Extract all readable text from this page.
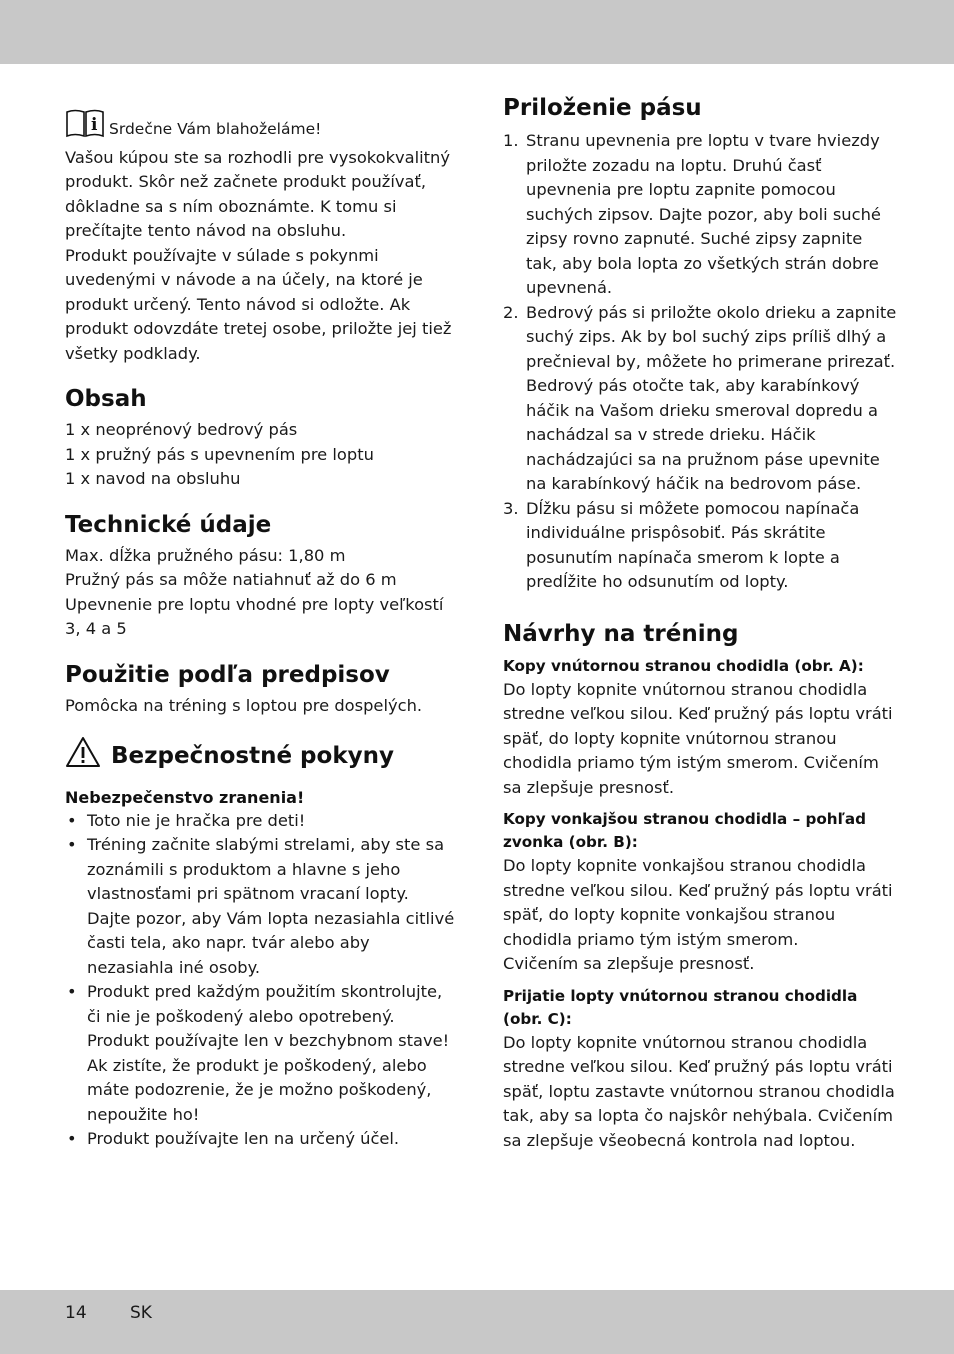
i Srdečne Vám blahoželáme!

Vašou kúpou ste sa rozhodli pre vysokokvalitný produkt. Skôr než začnete produkt používať, dôkladne sa s ním oboznámte. K tomu si prečítajte tento návod na obsluhu.

Produkt používajte v súlade s pokynmi uvedenými v návode a na účely, na ktoré je produkt určený. Tento návod si odložte. Ak produkt odovzdáte tretej osobe, priložte jej tiež všetky podklady.

Obsah

1 x neoprénový bedrový pás

1 x pružný pás s upevnením pre loptu

1 x navod na obsluhu

Technické údaje

Max. dĺžka pružného pásu: 1,80 m

Pružný pás sa môže natiahnuť až do 6 m

Upevnenie pre loptu vhodné pre lopty veľkostí 3, 4 a 5

Použitie podľa predpisov

Pomôcka na tréning s loptou pre dospelých.

Bezpečnostné pokyny
Nebezpečenstvo zranenia!
• Toto nie je hračka pre deti!
• Tréning začnite slabými strelami, aby ste sa zoznámili s produktom a hlavne s jeho vlastnosťami pri spätnom vracaní lopty. Dajte pozor, aby Vám lopta nezasiahla citlivé časti tela, ako napr. tvár alebo aby nezasiahla iné osoby.
• Produkt pred každým použitím skontrolujte, či nie je poškodený alebo opotrebený. Produkt používajte len v bezchybnom stave! Ak zistíte, že produkt je poškodený, alebo máte podozrenie, že je možno poškodený, nepoužite ho!
• Produkt používajte len na určený účel.
Priloženie pásu
1. Stranu upevnenia pre loptu v tvare hviezdy priložte zozadu na loptu. Druhú časť upevnenia pre loptu zapnite pomocou suchých zipsov. Dajte pozor, aby boli suché zipsy rovno zapnuté. Suché zipsy zapnite tak, aby bola lopta zo všetkých strán dobre upevnená.
2. Bedrový pás si priložte okolo drieku a zapnite suchý zips. Ak by bol suchý zips príliš dlhý a prečnieval by, môžete ho primerane prirezať. Bedrový pás otočte tak, aby karabínkový háčik na Vašom drieku smeroval dopredu a nachádzal sa v strede drieku. Háčik nachádzajúci sa na pružnom páse upevnite na karabínkový háčik na bedrovom páse.
3. Dĺžku pásu si môžete pomocou napínača individuálne prispôsobiť. Pás skrátite posunutím napínača smerom k lopte a predĺžite ho odsunutím od lopty.
Návrhy na tréning

Kopy vnútornou stranou chodidla (obr. A):

Do lopty kopnite vnútornou stranou chodidla stredne veľkou silou. Keď pružný pás loptu vráti späť, do lopty kopnite vnútornou stranou chodidla priamo tým istým smerom. Cvičením sa zlepšuje presnosť.

Kopy vonkajšou stranou chodidla – pohľad zvonka (obr. B):

Do lopty kopnite vonkajšou stranou chodidla stredne veľkou silou. Keď pružný pás loptu vráti späť, do lopty kopnite vonkajšou stranou chodidla priamo tým istým smerom.

Cvičením sa zlepšuje presnosť.

Prijatie lopty vnútornou stranou chodidla (obr. C):

Do lopty kopnite vnútornou stranou chodidla stredne veľkou silou. Keď pružný pás loptu vráti späť, loptu zastavte vnútornou stranou chodidla tak, aby sa lopta čo najskôr nehýbala. Cvičením sa zlepšuje všeobecná kontrola nad loptou.

14	SK
